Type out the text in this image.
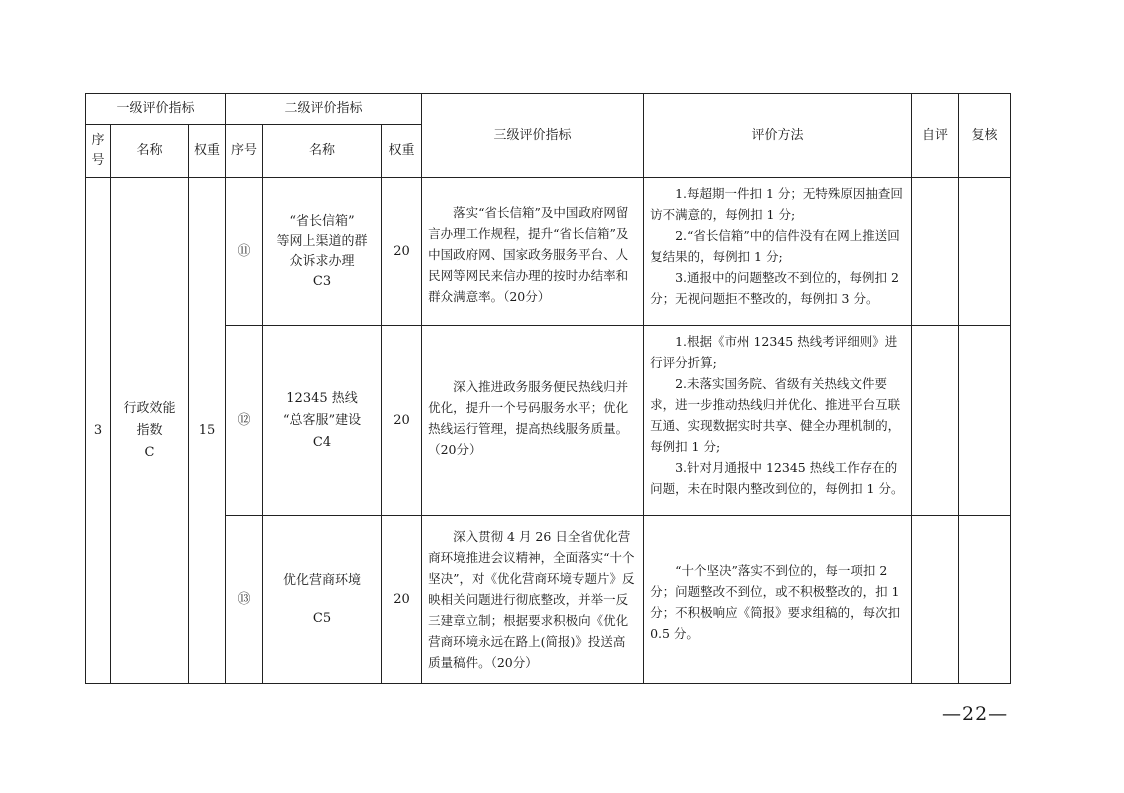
一级评价指标			二级评价指标			三级评价指标	评价方法	自评	复核
序
号	名称	权重	序号	名称	权重				
3	行政效能
指数
C	15	⑪	“省长信箱”
等网上渠道的群
众诉求办理
C3	20	落实“省长信箱”及中国政府网留言办理工作规程，提升“省长信箱”及中国政府网、国家政务服务平台、人民网等网民来信办理的按时办结率和群众满意率。（20分）	1.每超期一件扣 1 分；无特殊原因抽查回访不满意的，每例扣 1 分;
2.“省长信箱”中的信件没有在网上推送回复结果的，每例扣 1 分;
3.通报中的问题整改不到位的，每例扣 2 分；无视问题拒不整改的，每例扣 3 分。		

			⑫	12345 热线
“总客服”建设
C4	20	深入推进政务服务便民热线归并优化，提升一个号码服务水平；优化热线运行管理，提高热线服务质量。（20分）	1.根据《市州 12345 热线考评细则》进行评分折算;
2.未落实国务院、省级有关热线文件要求，进一步推动热线归并优化、推进平台互联互通、实现数据实时共享、健全办理机制的，每例扣 1 分;
3.针对月通报中 12345 热线工作存在的问题，未在时限内整改到位的，每例扣 1 分。		

			⑬	优化营商环境
C5	20	深入贯彻 4 月 26 日全省优化营商环境推进会议精神，全面落实“十个坚决”，对《优化营商环境专题片》反映相关问题进行彻底整改，并举一反三建章立制；根据要求积极向《优化营商环境永远在路上(简报)》投送高质量稿件。（20分）	“十个坚决”落实不到位的，每一项扣 2 分；问题整改不到位，或不积极整改的，扣 1 分；不积极响应《简报》要求组稿的，每次扣 0.5 分。		

—22—
